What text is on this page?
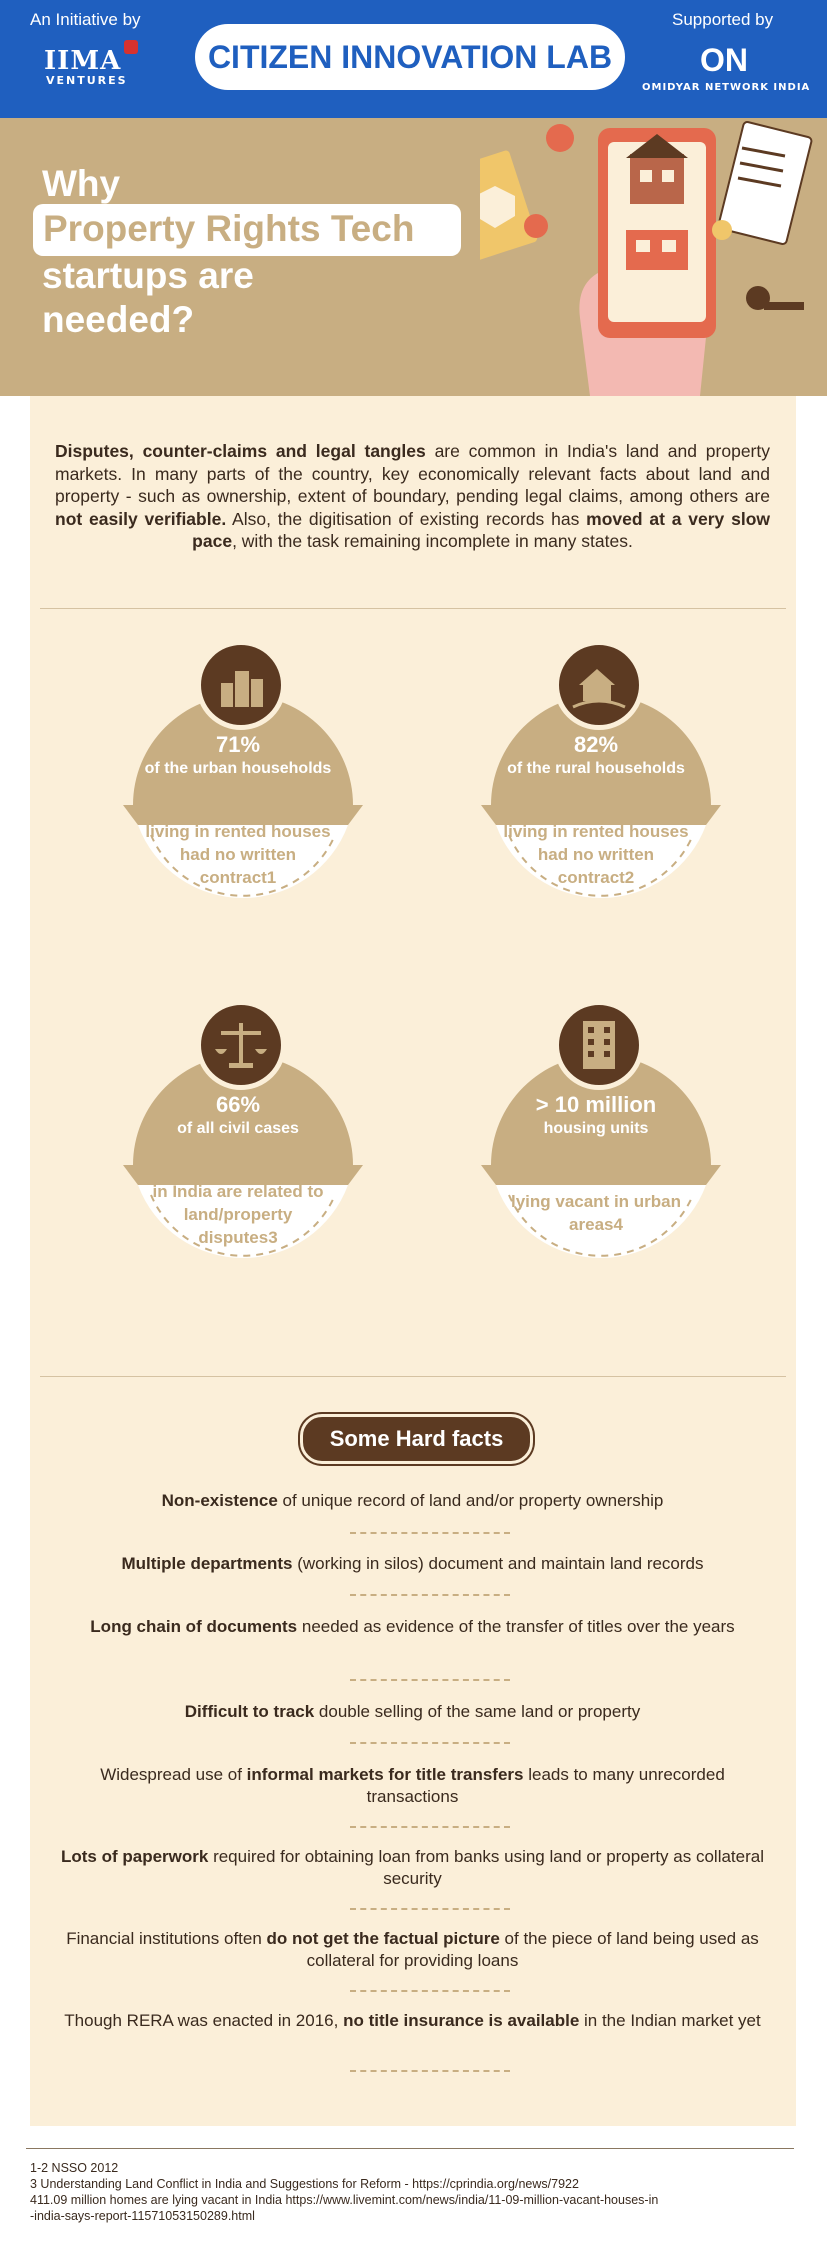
An Initiative by
IIMA
VENTURES
CITIZEN INNOVATION LAB
Supported by
ON
OMIDYAR NETWORK INDIA
Why
Property Rights Tech
startups are
needed?
Disputes, counter-claims and legal tangles are common in India's land and property markets. In many parts of the country, key economically relevant facts about land and property - such as ownership, extent of boundary, pending legal claims, among others are not easily verifiable. Also, the digitisation of existing records has moved at a very slow pace, with the task remaining incomplete in many states.
71%
of the urban households
living in rented houses had no written contract1
82%
of the rural households
living in rented houses had no written contract2
66%
of all civil cases
in India are related to land/property disputes3
> 10 million
housing units
lying vacant in urban areas4
Some Hard facts
Non-existence of unique record of land and/or property ownership
Multiple departments (working in silos) document and maintain land records
Long chain of documents needed as evidence of the transfer of titles over the years
Difficult to track double selling of the same land or property
Widespread use of informal markets for title transfers leads to many unrecorded transactions
Lots of paperwork required for obtaining loan from banks using land or property as collateral security
Financial institutions often do not get the factual picture of the piece of land being used as collateral for providing loans
Though RERA was enacted in 2016, no title insurance is available in the Indian market yet
1-2 NSSO 2012
3 Understanding Land Conflict in India and Suggestions for Reform - https://cprindia.org/news/7922
411.09 million homes are lying vacant in India https://www.livemint.com/news/india/11-09-million-vacant-houses-in
-india-says-report-11571053150289.html
